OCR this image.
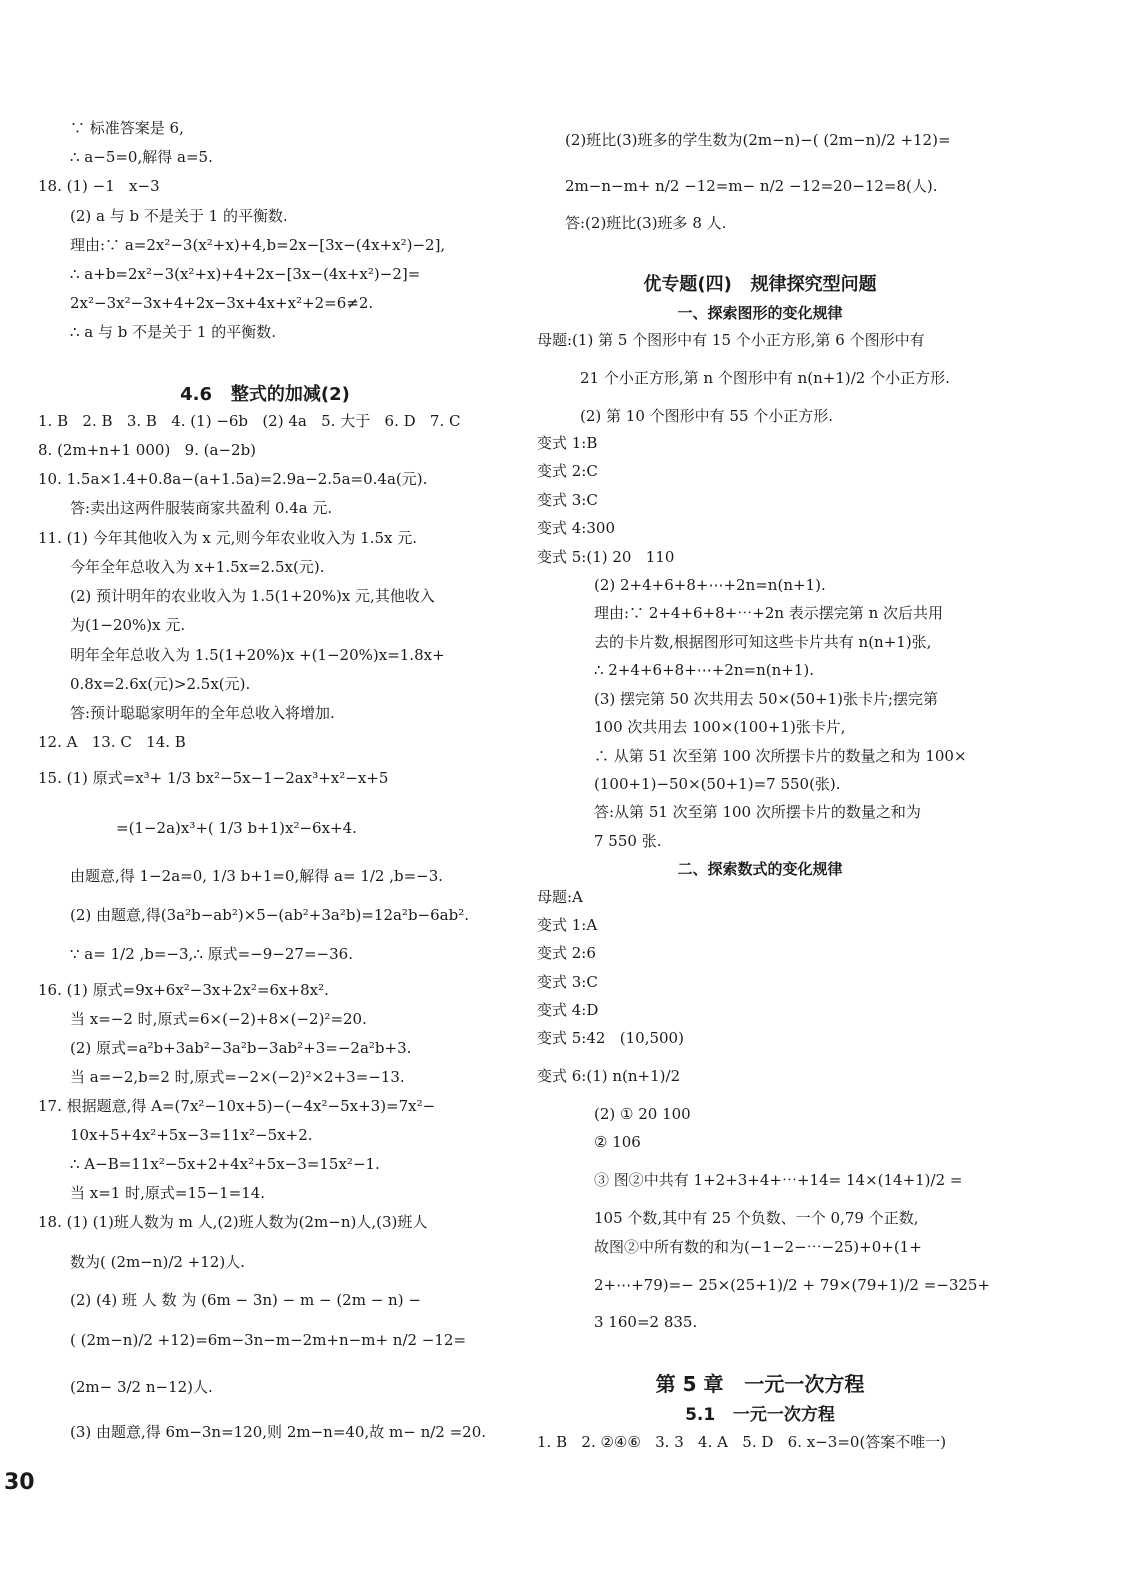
∵ 标准答案是 6,
∴ a−5=0,解得 a=5.
18. (1) −1   x−3
(2) a 与 b 不是关于 1 的平衡数.
理由:∵ a=2x²−3(x²+x)+4,b=2x−[3x−(4x+x²)−2],
∴ a+b=2x²−3(x²+x)+4+2x−[3x−(4x+x²)−2]=
2x²−3x²−3x+4+2x−3x+4x+x²+2=6≠2.
∴ a 与 b 不是关于 1 的平衡数.
1. B   2. B   3. B   4. (1) −6b   (2) 4a   5. 大于   6. D   7. C
8. (2m+n+1 000)   9. (a−2b)
10. 1.5a×1.4+0.8a−(a+1.5a)=2.9a−2.5a=0.4a(元).
答:卖出这两件服装商家共盈利 0.4a 元.
11. (1) 今年其他收入为 x 元,则今年农业收入为 1.5x 元.
今年全年总收入为 x+1.5x=2.5x(元).
(2) 预计明年的农业收入为 1.5(1+20%)x 元,其他收入
为(1−20%)x 元.
明年全年总收入为 1.5(1+20%)x +(1−20%)x=1.8x+
0.8x=2.6x(元)>2.5x(元).
答:预计聪聪家明年的全年总收入将增加.
12. A   13. C   14. B
15. (1) 原式=x³+ 1/3 bx²−5x−1−2ax³+x²−x+5
=(1−2a)x³+( 1/3 b+1)x²−6x+4.
由题意,得 1−2a=0, 1/3 b+1=0,解得 a= 1/2 ,b=−3.
(2) 由题意,得(3a²b−ab²)×5−(ab²+3a²b)=12a²b−6ab².
∵ a= 1/2 ,b=−3,∴ 原式=−9−27=−36.
16. (1) 原式=9x+6x²−3x+2x²=6x+8x².
当 x=−2 时,原式=6×(−2)+8×(−2)²=20.
(2) 原式=a²b+3ab²−3a²b−3ab²+3=−2a²b+3.
当 a=−2,b=2 时,原式=−2×(−2)²×2+3=−13.
17. 根据题意,得 A=(7x²−10x+5)−(−4x²−5x+3)=7x²−
10x+5+4x²+5x−3=11x²−5x+2.
∴ A−B=11x²−5x+2+4x²+5x−3=15x²−1.
当 x=1 时,原式=15−1=14.
18. (1) (1)班人数为 m 人,(2)班人数为(2m−n)人,(3)班人
数为( (2m−n)/2 +12)人.
(2) (4) 班 人 数 为 (6m − 3n) − m − (2m − n) −
( (2m−n)/2 +12)=6m−3n−m−2m+n−m+ n/2 −12=
(2m− 3/2 n−12)人.
(3) 由题意,得 6m−3n=120,则 2m−n=40,故 m− n/2 =20.
(2)班比(3)班多的学生数为(2m−n)−( (2m−n)/2 +12)=
2m−n−m+ n/2 −12=m− n/2 −12=20−12=8(人).
答:(2)班比(3)班多 8 人.
母题:(1) 第 5 个图形中有 15 个小正方形,第 6 个图形中有
21 个小正方形,第 n 个图形中有 n(n+1)/2 个小正方形.
(2) 第 10 个图形中有 55 个小正方形.
变式 1:B
变式 2:C
变式 3:C
变式 4:300
变式 5:(1) 20   110
(2) 2+4+6+8+⋯+2n=n(n+1).
理由:∵ 2+4+6+8+⋯+2n 表示摆完第 n 次后共用
去的卡片数,根据图形可知这些卡片共有 n(n+1)张,
∴ 2+4+6+8+⋯+2n=n(n+1).
(3) 摆完第 50 次共用去 50×(50+1)张卡片;摆完第
100 次共用去 100×(100+1)张卡片,
∴ 从第 51 次至第 100 次所摆卡片的数量之和为 100×
(100+1)−50×(50+1)=7 550(张).
答:从第 51 次至第 100 次所摆卡片的数量之和为
7 550 张.
母题:A
变式 1:A
变式 2:6
变式 3:C
变式 4:D
变式 5:42   (10,500)
变式 6:(1) n(n+1)/2
(2) ① 20 100
② 106
③ 图②中共有 1+2+3+4+⋯+14= 14×(14+1)/2 =
105 个数,其中有 25 个负数、一个 0,79 个正数,
故图②中所有数的和为(−1−2−⋯−25)+0+(1+
2+⋯+79)=− 25×(25+1)/2 + 79×(79+1)/2 =−325+
3 160=2 835.
1. B   2. ②④⑥   3. 3   4. A   5. D   6. x−3=0(答案不唯一)
4.6   整式的加减(2)
优专题(四)   规律探究型问题
一、探索图形的变化规律
二、探索数式的变化规律
第 5 章   一元一次方程
5.1   一元一次方程
30
